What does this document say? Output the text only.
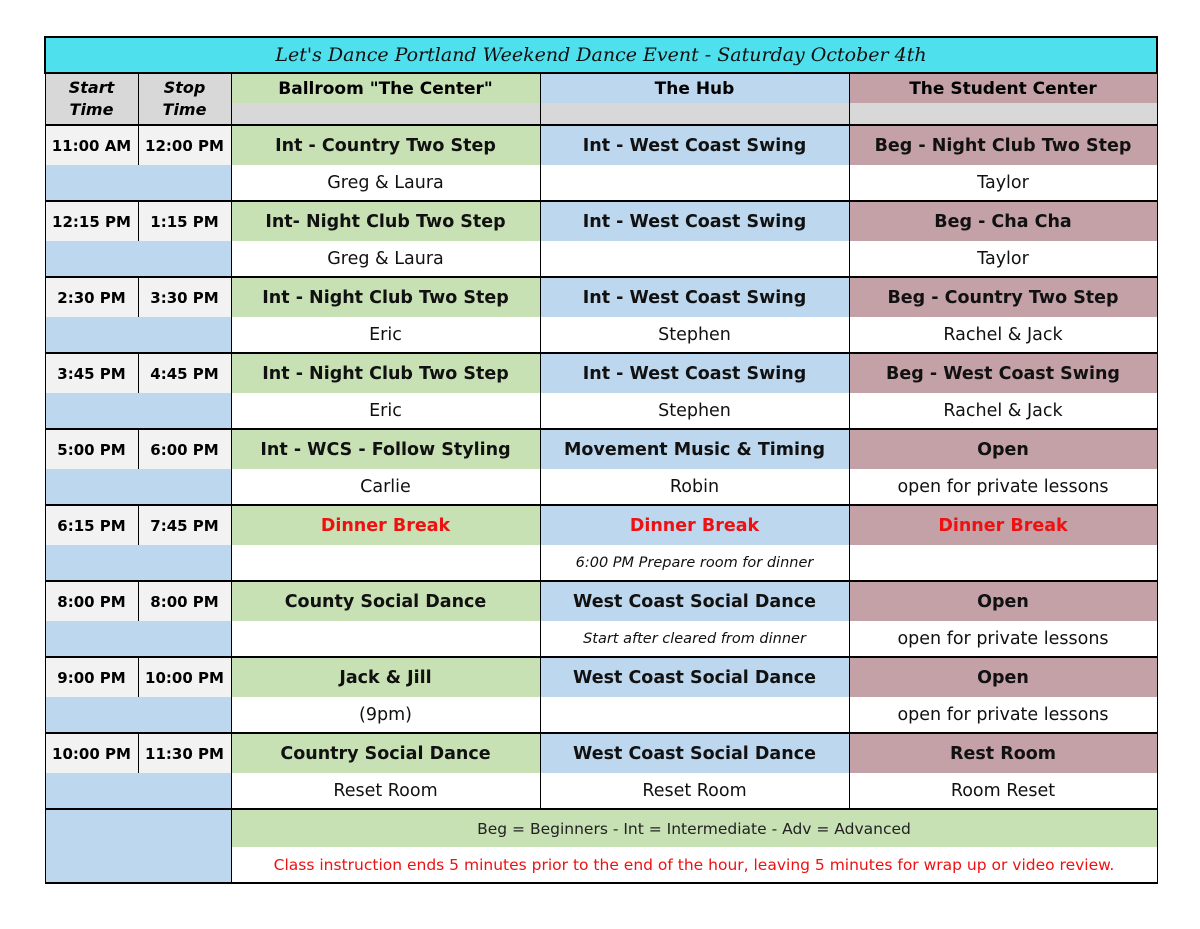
Let's Dance Portland Weekend Dance Event - Saturday October 4th				
Start
Time	Stop
Time	Ballroom "The Center"	The Hub	The Student Center

11:00 AM	12:00 PM	Int - Country Two Step	Int - West Coast Swing	Beg - Night Club Two Step
		Greg & Laura		Taylor
12:15 PM	1:15 PM	Int- Night Club Two Step	Int - West Coast Swing	Beg - Cha Cha
		Greg & Laura		Taylor
2:30 PM	3:30 PM	Int - Night Club Two Step	Int - West Coast Swing	Beg - Country Two Step
		Eric	Stephen	Rachel & Jack
3:45 PM	4:45 PM	Int - Night Club Two Step	Int - West Coast Swing	Beg - West Coast Swing
		Eric	Stephen	Rachel & Jack
5:00 PM	6:00 PM	Int - WCS - Follow Styling	Movement Music & Timing	Open
		Carlie	Robin	open for private lessons
6:15 PM	7:45 PM	Dinner Break	Dinner Break	Dinner Break
			6:00 PM Prepare room for dinner	
8:00 PM	8:00 PM	County Social Dance	West Coast Social Dance	Open
			Start after cleared from dinner	open for private lessons
9:00 PM	10:00 PM	Jack & Jill	West Coast Social Dance	Open
		(9pm)		open for private lessons
10:00 PM	11:30 PM	Country Social Dance	West Coast Social Dance	Rest Room
		Reset Room	Reset Room	Room Reset
		Beg = Beginners - Int = Intermediate - Adv = Advanced		
		Class instruction ends 5 minutes prior to the end of the hour, leaving 5 minutes for wrap up or video review.		
